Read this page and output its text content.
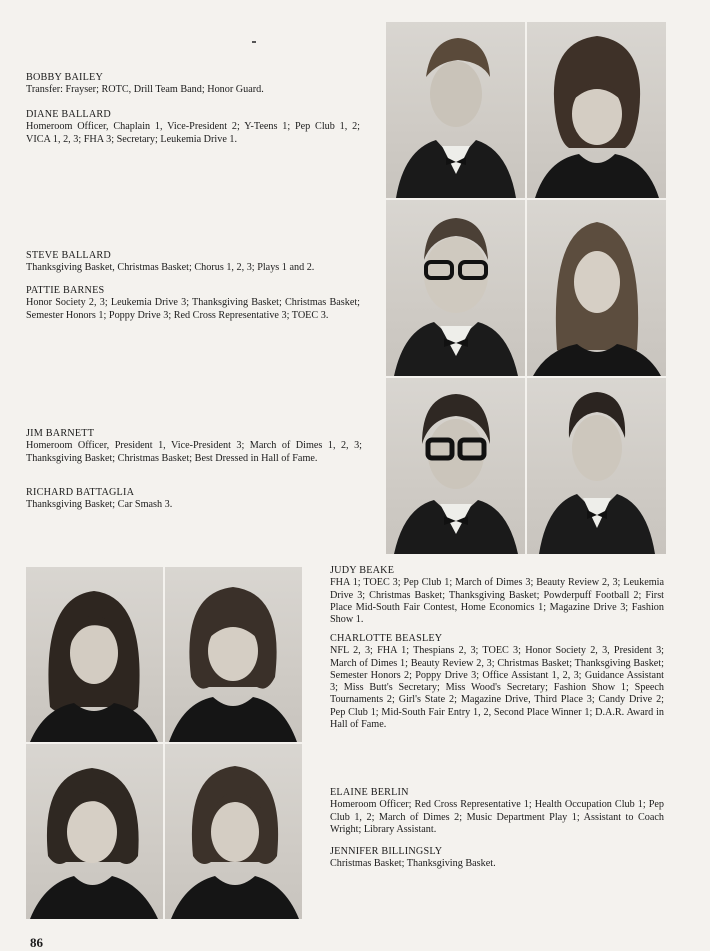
BOBBY BAILEY
Transfer: Frayser; ROTC, Drill Team Band; Honor Guard.
DIANE BALLARD
Homeroom Officer, Chaplain 1, Vice-President 2; Y-Teens 1; Pep Club 1, 2; VICA 1, 2, 3; FHA 3; Secretary; Leukemia Drive 1.
STEVE BALLARD
Thanksgiving Basket, Christmas Basket; Chorus 1, 2, 3; Plays 1 and 2.
PATTIE BARNES
Honor Society 2, 3; Leukemia Drive 3; Thanksgiving Basket; Christmas Basket; Semester Honors 1; Poppy Drive 3; Red Cross Representative 3; TOEC 3.
JIM BARNETT
Homeroom Officer, President 1, Vice-President 3; March of Dimes 1, 2, 3; Thanksgiving Basket; Christmas Basket; Best Dressed in Hall of Fame.
RICHARD BATTAGLIA
Thanksgiving Basket; Car Smash 3.
JUDY BEAKE
FHA 1; TOEC 3; Pep Club 1; March of Dimes 3; Beauty Review 2, 3; Leukemia Drive 3; Christmas Basket; Thanksgiving Basket; Powderpuff Football 2; First Place Mid-South Fair Contest, Home Economics 1; Magazine Drive 3; Fashion Show 1.
CHARLOTTE BEASLEY
NFL 2, 3; FHA 1; Thespians 2, 3; TOEC 3; Honor Society 2, 3, President 3; March of Dimes 1; Beauty Review 2, 3; Christmas Basket; Thanksgiving Basket; Semester Honors 2; Poppy Drive 3; Office Assistant 1, 2, 3; Guidance Assistant 3; Miss Butt's Secretary; Miss Wood's Secretary; Fashion Show 1; Speech Tournaments 2; Girl's State 2; Magazine Drive, Third Place 3; Candy Drive 2; Pep Club 1; Mid-South Fair Entry 1, 2, Second Place Winner 1; D.A.R. Award in Hall of Fame.
ELAINE BERLIN
Homeroom Officer; Red Cross Representative 1; Health Occupation Club 1; Pep Club 1, 2; March of Dimes 2; Music Department Play 1; Assistant to Coach Wright; Library Assistant.
JENNIFER BILLINGSLY
Christmas Basket; Thanksgiving Basket.
86
